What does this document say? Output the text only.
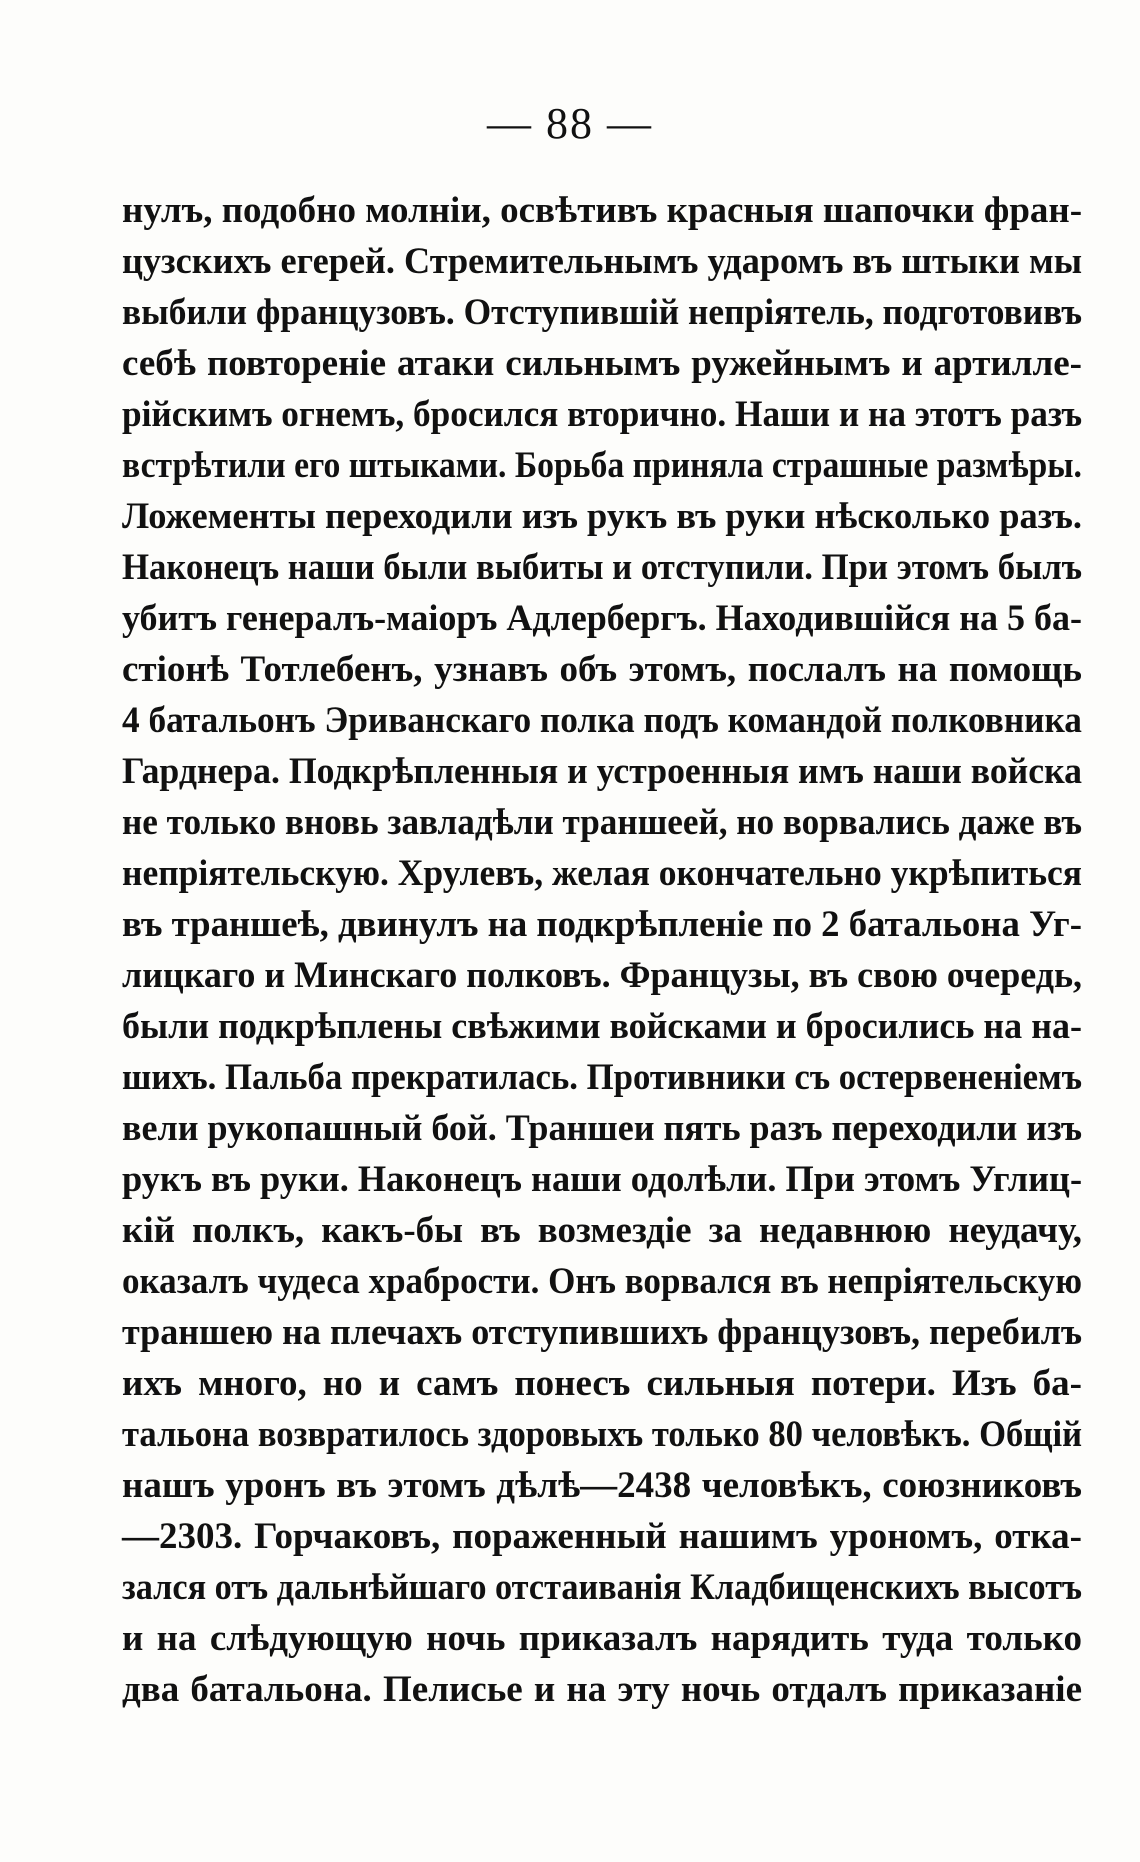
— 88 —
нулъ, подобно молніи, освѣтивъ красныя шапочки фран-
цузскихъ егерей. Стремительнымъ ударомъ въ штыки мы
выбили французовъ. Отступившій непріятель, подготовивъ
себѣ повтореніе атаки сильнымъ ружейнымъ и артилле-
рійскимъ огнемъ, бросился вторично. Наши и на этотъ разъ
встрѣтили его штыками. Борьба приняла страшные размѣры.
Ложементы переходили изъ рукъ въ руки нѣсколько разъ.
Наконецъ наши были выбиты и отступили. При этомъ былъ
убитъ генералъ-маіоръ Адлербергъ. Находившійся на 5 ба-
стіонѣ Тотлебенъ, узнавъ объ этомъ, послалъ на помощь
4 батальонъ Эриванскаго полка подъ командой полковника
Гарднера. Подкрѣпленныя и устроенныя имъ наши войска
не только вновь завладѣли траншеей, но ворвались даже въ
непріятельскую. Хрулевъ, желая окончательно укрѣпиться
въ траншеѣ, двинулъ на подкрѣпленіе по 2 батальона Уг-
лицкаго и Минскаго полковъ. Французы, въ свою очередь,
были подкрѣплены свѣжими войсками и бросились на на-
шихъ. Пальба прекратилась. Противники съ остервененіемъ
вели рукопашный бой. Траншеи пять разъ переходили изъ
рукъ въ руки. Наконецъ наши одолѣли. При этомъ Углиц-
кій полкъ, какъ-бы въ возмездіе за недавнюю неудачу,
оказалъ чудеса храбрости. Онъ ворвался въ непріятельскую
траншею на плечахъ отступившихъ французовъ, перебилъ
ихъ много, но и самъ понесъ сильныя потери. Изъ ба-
тальона возвратилось здоровыхъ только 80 человѣкъ. Общій
нашъ уронъ въ этомъ дѣлѣ—2438 человѣкъ, союзниковъ
—2303. Горчаковъ, пораженный нашимъ урономъ, отка-
зался отъ дальнѣйшаго отстаиванія Кладбищенскихъ высотъ
и на слѣдующую ночь приказалъ нарядить туда только
два батальона. Пелисье и на эту ночь отдалъ приказаніе
